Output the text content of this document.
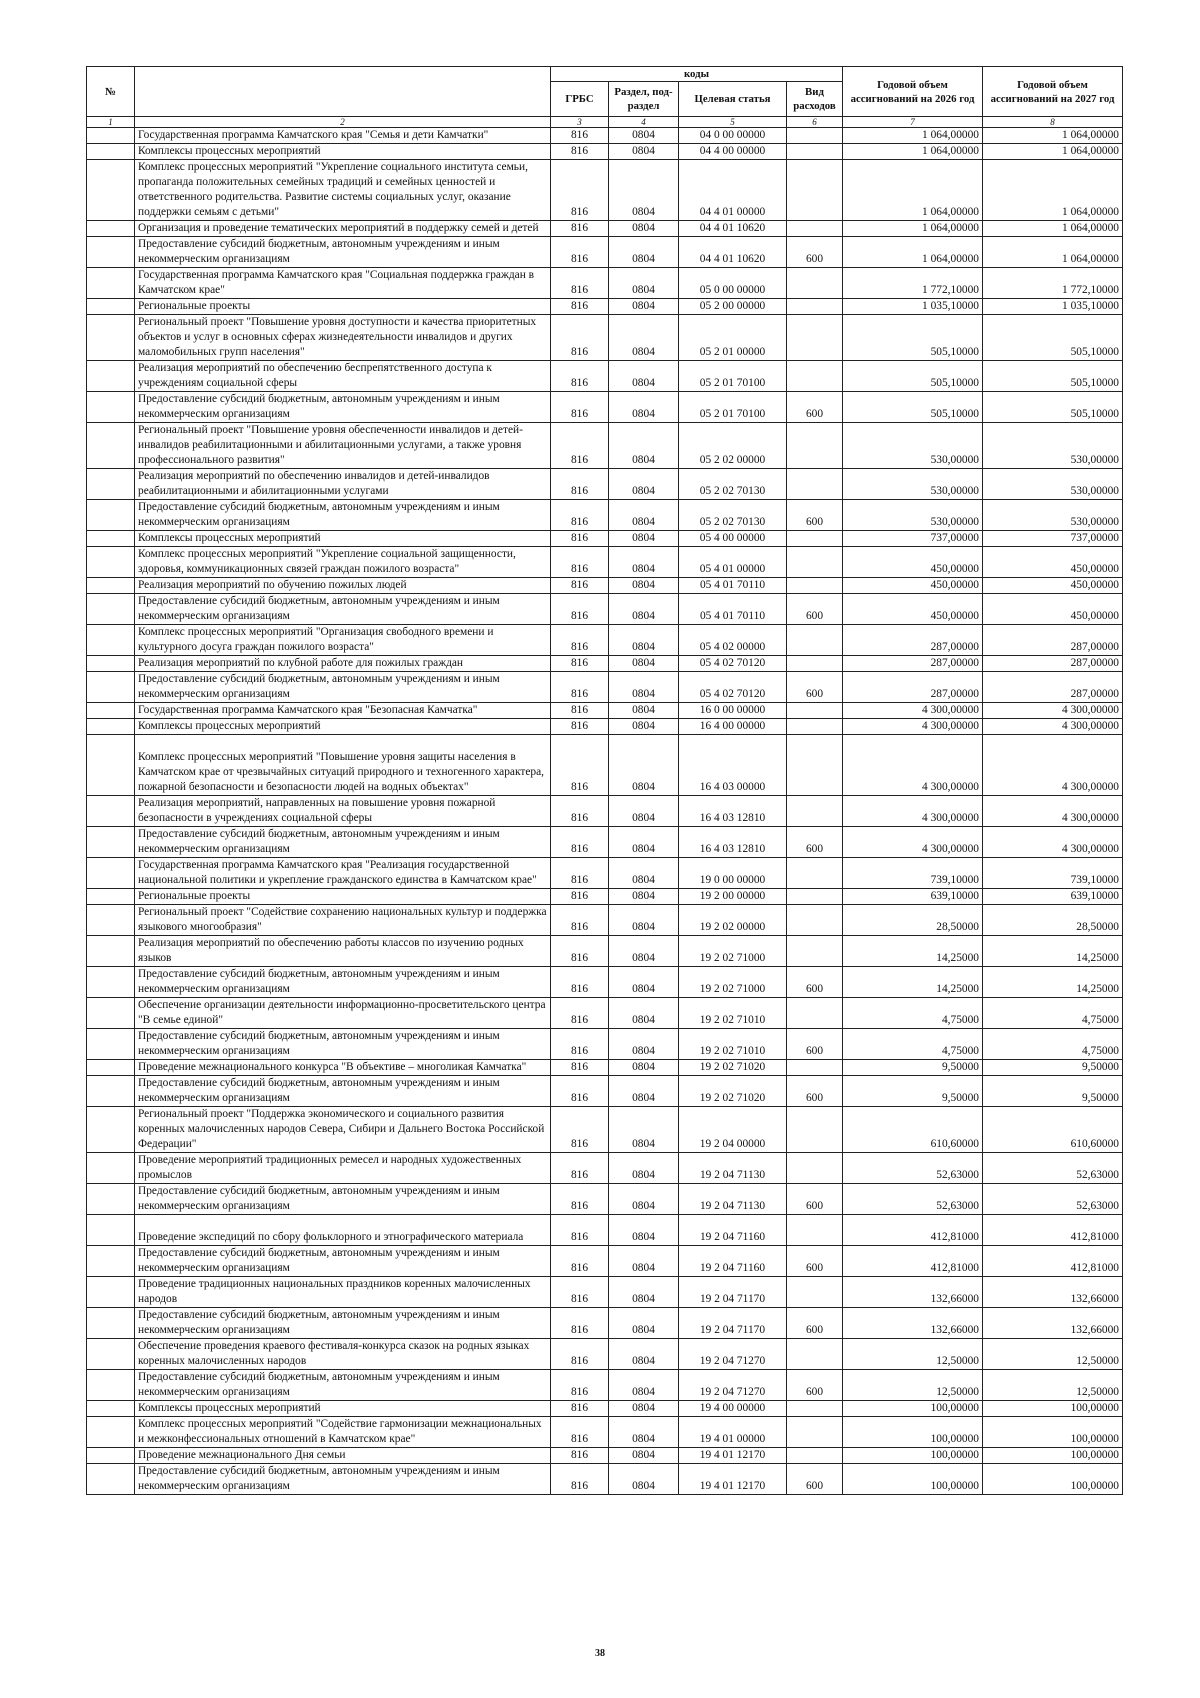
№		коды				Годовой объем ассигнований на 2026 год	Годовой объем ассигнований на 2027 год
		ГРБС	Раздел, под-раздел	Целевая статья	Вид расходов		
1	2	3	4	5	6	7	8
	Государственная программа Камчатского края "Семья и дети Камчатки"	816	0804	04 0 00 00000		1 064,00000	1 064,00000
	Комплексы процессных мероприятий	816	0804	04 4 00 00000		1 064,00000	1 064,00000
	Комплекс процессных мероприятий "Укрепление социального института семьи, пропаганда положительных семейных традиций и семейных ценностей и ответственного родительства. Развитие системы социальных услуг, оказание поддержки семьям с детьми"	816	0804	04 4 01 00000		1 064,00000	1 064,00000
	Организация и проведение тематических мероприятий в поддержку семей и детей	816	0804	04 4 01 10620		1 064,00000	1 064,00000
	Предоставление субсидий бюджетным, автономным учреждениям и иным некоммерческим организациям	816	0804	04 4 01 10620	600	1 064,00000	1 064,00000
	Государственная программа Камчатского края "Социальная поддержка граждан в Камчатском крае"	816	0804	05 0 00 00000		1 772,10000	1 772,10000
	Региональные проекты	816	0804	05 2 00 00000		1 035,10000	1 035,10000
	Региональный проект "Повышение уровня доступности и качества приоритетных объектов и услуг в основных сферах жизнедеятельности инвалидов и других маломобильных групп населения"	816	0804	05 2 01 00000		505,10000	505,10000
	Реализация мероприятий по обеспечению беспрепятственного доступа к учреждениям социальной сферы	816	0804	05 2 01 70100		505,10000	505,10000
	Предоставление субсидий бюджетным, автономным учреждениям и иным некоммерческим организациям	816	0804	05 2 01 70100	600	505,10000	505,10000
	Региональный проект "Повышение уровня обеспеченности инвалидов и детей-инвалидов реабилитационными и абилитационными услугами, а также уровня профессионального развития"	816	0804	05 2 02 00000		530,00000	530,00000
	Реализация мероприятий по обеспечению инвалидов и детей-инвалидов реабилитационными и абилитационными услугами	816	0804	05 2 02 70130		530,00000	530,00000
	Предоставление субсидий бюджетным, автономным учреждениям и иным некоммерческим организациям	816	0804	05 2 02 70130	600	530,00000	530,00000
	Комплексы процессных мероприятий	816	0804	05 4 00 00000		737,00000	737,00000
	Комплекс процессных мероприятий "Укрепление социальной защищенности, здоровья, коммуникационных связей граждан пожилого возраста"	816	0804	05 4 01 00000		450,00000	450,00000
	Реализация мероприятий по обучению пожилых людей	816	0804	05 4 01 70110		450,00000	450,00000
	Предоставление субсидий бюджетным, автономным учреждениям и иным некоммерческим организациям	816	0804	05 4 01 70110	600	450,00000	450,00000
	Комплекс процессных мероприятий "Организация свободного времени и культурного досуга граждан пожилого возраста"	816	0804	05 4 02 00000		287,00000	287,00000
	Реализация мероприятий по клубной работе для пожилых граждан	816	0804	05 4 02 70120		287,00000	287,00000
	Предоставление субсидий бюджетным, автономным учреждениям и иным некоммерческим организациям	816	0804	05 4 02 70120	600	287,00000	287,00000
	Государственная программа Камчатского края "Безопасная Камчатка"	816	0804	16 0 00 00000		4 300,00000	4 300,00000
	Комплексы процессных мероприятий	816	0804	16 4 00 00000		4 300,00000	4 300,00000

Комплекс процессных мероприятий "Повышение уровня защиты населения в Камчатском крае от чрезвычайных ситуаций природного и техногенного характера, пожарной безопасности и безопасности людей на водных объектах"	816	0804	16 4 03 00000		4 300,00000	4 300,00000
	Реализация мероприятий, направленных на повышение уровня пожарной безопасности в учреждениях социальной сферы	816	0804	16 4 03 12810		4 300,00000	4 300,00000
	Предоставление субсидий бюджетным, автономным учреждениям и иным некоммерческим организациям	816	0804	16 4 03 12810	600	4 300,00000	4 300,00000
	Государственная программа Камчатского края "Реализация государственной национальной политики и укрепление гражданского единства в Камчатском крае"	816	0804	19 0 00 00000		739,10000	739,10000
	Региональные проекты	816	0804	19 2 00 00000		639,10000	639,10000
	Региональный проект "Содействие сохранению национальных культур и поддержка языкового многообразия"	816	0804	19 2 02 00000		28,50000	28,50000
	Реализация мероприятий по обеспечению работы классов по изучению родных языков	816	0804	19 2 02 71000		14,25000	14,25000
	Предоставление субсидий бюджетным, автономным учреждениям и иным некоммерческим организациям	816	0804	19 2 02 71000	600	14,25000	14,25000
	Обеспечение организации деятельности информационно-просветительского центра "В семье единой"	816	0804	19 2 02 71010		4,75000	4,75000
	Предоставление субсидий бюджетным, автономным учреждениям и иным некоммерческим организациям	816	0804	19 2 02 71010	600	4,75000	4,75000
	Проведение межнационального конкурса "В объективе – многоликая Камчатка"	816	0804	19 2 02 71020		9,50000	9,50000
	Предоставление субсидий бюджетным, автономным учреждениям и иным некоммерческим организациям	816	0804	19 2 02 71020	600	9,50000	9,50000
	Региональный проект "Поддержка экономического и социального развития коренных малочисленных народов Севера, Сибири и Дальнего Востока Российской Федерации"	816	0804	19 2 04 00000		610,60000	610,60000
	Проведение мероприятий традиционных ремесел и народных художественных промыслов	816	0804	19 2 04 71130		52,63000	52,63000
	Предоставление субсидий бюджетным, автономным учреждениям и иным некоммерческим организациям	816	0804	19 2 04 71130	600	52,63000	52,63000

Проведение экспедиций по сбору фольклорного и этнографического материала	816	0804	19 2 04 71160		412,81000	412,81000
	Предоставление субсидий бюджетным, автономным учреждениям и иным некоммерческим организациям	816	0804	19 2 04 71160	600	412,81000	412,81000
	Проведение традиционных национальных праздников коренных малочисленных народов	816	0804	19 2 04 71170		132,66000	132,66000
	Предоставление субсидий бюджетным, автономным учреждениям и иным некоммерческим организациям	816	0804	19 2 04 71170	600	132,66000	132,66000
	Обеспечение проведения краевого фестиваля-конкурса сказок на родных языках коренных малочисленных народов	816	0804	19 2 04 71270		12,50000	12,50000
	Предоставление субсидий бюджетным, автономным учреждениям и иным некоммерческим организациям	816	0804	19 2 04 71270	600	12,50000	12,50000
	Комплексы процессных мероприятий	816	0804	19 4 00 00000		100,00000	100,00000
	Комплекс процессных мероприятий "Содействие гармонизации межнациональных и межконфессиональных отношений в Камчатском крае"	816	0804	19 4 01 00000		100,00000	100,00000
	Проведение межнационального Дня семьи	816	0804	19 4 01 12170		100,00000	100,00000
	Предоставление субсидий бюджетным, автономным учреждениям и иным некоммерческим организациям	816	0804	19 4 01 12170	600	100,00000	100,00000
38
